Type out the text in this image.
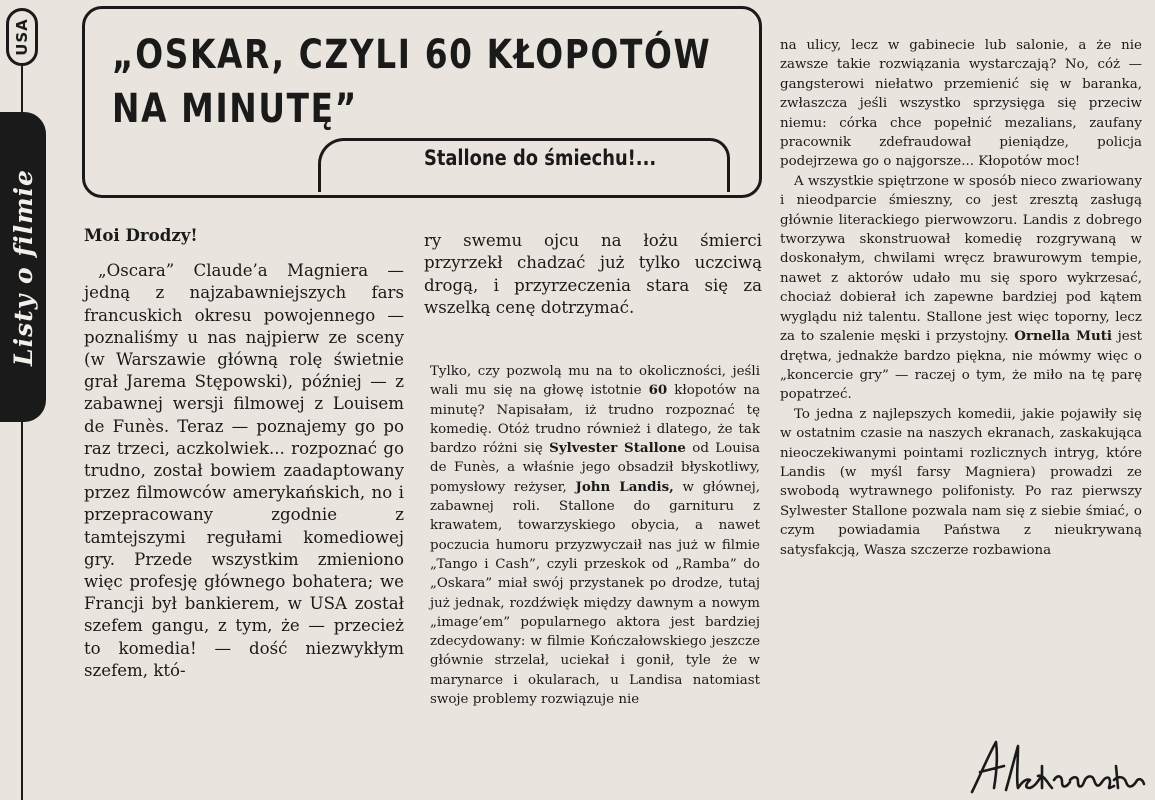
USA
Listy o filmie
„OSKAR, CZYLI 60 KŁOPOTÓW
NA MINUTĘ”
Stallone do śmiechu!...

Moi Drodzy!

„Oscara” Claude’a Magniera — jedną z najzabawniejszych fars francuskich okresu powojennego — poznaliśmy u nas najpierw ze sceny (w Warszawie główną rolę świetnie grał Jarema Stępowski), później — z zabawnej wersji filmowej z Louisem de Funès. Teraz — poznajemy go po raz trzeci, aczkolwiek... rozpoznać go trudno, został bowiem zaadaptowany przez filmowców amerykańskich, no i przepracowany zgodnie z tamtejszymi regułami komediowej gry. Przede wszystkim zmieniono więc profesję głównego bohatera; we Francji był bankierem, w USA został szefem gangu, z tym, że — przecież to komedia! — dość niezwykłym szefem, któ-

ry swemu ojcu na łożu śmierci przyrzekł chadzać już tylko uczciwą drogą, i przyrzeczenia stara się za wszelką cenę dotrzymać.

Tylko, czy pozwolą mu na to okoliczności, jeśli wali mu się na głowę istotnie 60 kłopotów na minutę? Napisałam, iż trudno rozpoznać tę komedię. Otóż trudno również i dlatego, że tak bardzo różni się Sylvester Stallone od Louisa de Funès, a właśnie jego obsadził błyskotliwy, pomysłowy reżyser, John Landis, w głównej, zabawnej roli. Stallone do garnituru z krawatem, towarzyskiego obycia, a nawet poczucia humoru przyzwyczaił nas już w filmie „Tango i Cash”, czyli przeskok od „Ramba” do „Oskara” miał swój przystanek po drodze, tutaj już jednak, rozdźwięk między dawnym a nowym „image’em” popularnego aktora jest bardziej zdecydowany: w filmie Kończałowskiego jeszcze głównie strzelał, uciekał i gonił, tyle że w marynarce i okularach, u Landisa natomiast swoje problemy rozwiązuje nie

na ulicy, lecz w gabinecie lub salonie, a że nie zawsze takie rozwiązania wystarczają? No, cóż — gangsterowi niełatwo przemienić się w baranka, zwłaszcza jeśli wszystko sprzysięga się przeciw niemu: córka chce popełnić mezalians, zaufany pracownik zdefraudował pieniądze, policja podejrzewa go o najgorsze... Kłopotów moc!

A wszystkie spiętrzone w sposób nieco zwariowany i nieodparcie śmieszny, co jest zresztą zasługą głównie literackiego pierwowzoru. Landis z dobrego tworzywa skonstruował komedię rozgrywaną w doskonałym, chwilami wręcz brawurowym tempie, nawet z aktorów udało mu się sporo wykrzesać, chociaż dobierał ich zapewne bardziej pod kątem wyglądu niż talentu. Stallone jest więc toporny, lecz za to szalenie męski i przystojny. Ornella Muti jest drętwa, jednakże bardzo piękna, nie mówmy więc o „koncercie gry” — raczej o tym, że miło na tę parę popatrzeć.

To jedna z najlepszych komedii, jakie pojawiły się w ostatnim czasie na naszych ekranach, zaskakująca nieoczekiwanymi pointami rozlicznych intryg, które Landis (w myśl farsy Magniera) prowadzi ze swobodą wytrawnego polifonisty. Po raz pierwszy Sylwester Stallone pozwala nam się z siebie śmiać, o czym powiadamia Państwa z nieukrywaną satysfakcją, Wasza szczerze rozbawiona
